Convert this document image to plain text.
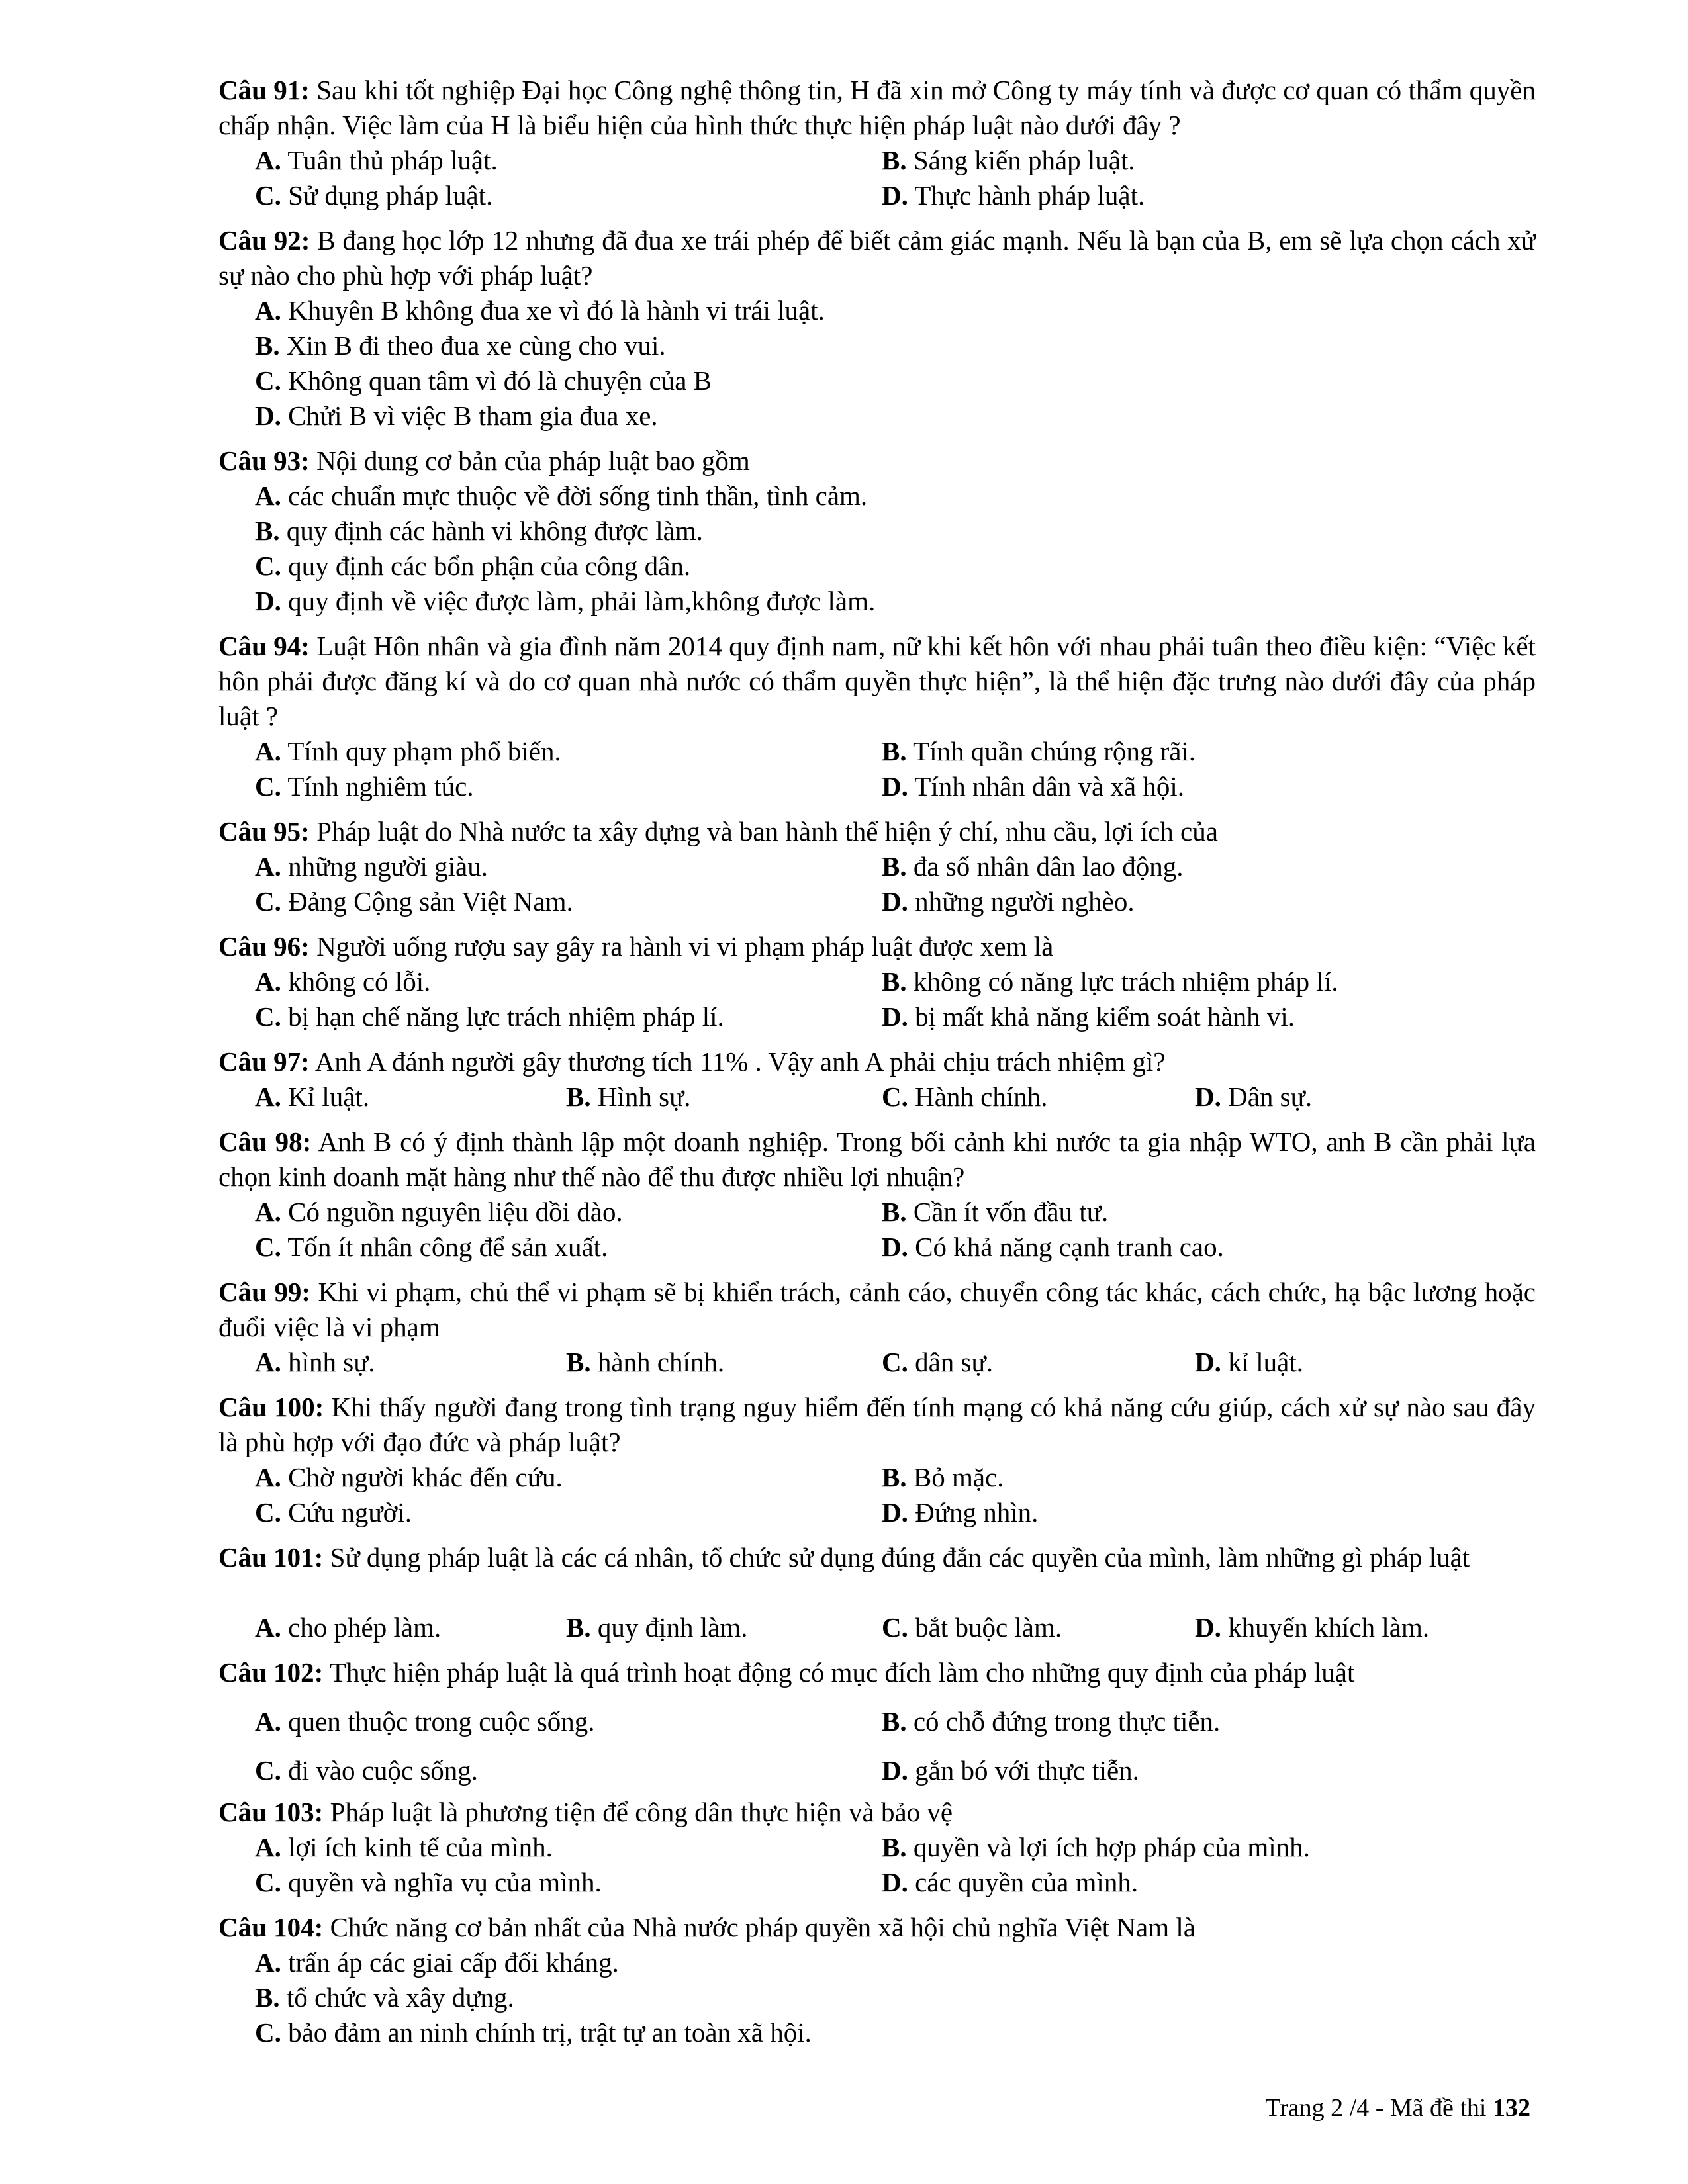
Câu 91: Sau khi tốt nghiệp Đại học Công nghệ thông tin, H đã xin mở Công ty máy tính và được cơ quan có thẩm quyền chấp nhận. Việc làm của H là biểu hiện của hình thức thực hiện pháp luật nào dưới đây ?
A. Tuân thủ pháp luật.	B. Sáng kiến pháp luật.
C. Sử dụng pháp luật.	D. Thực hành pháp luật.
Câu 92: B đang học lớp 12 nhưng đã đua xe trái phép để biết cảm giác mạnh. Nếu là bạn của B, em sẽ lựa chọn cách xử sự nào cho phù hợp với pháp luật?
A. Khuyên B không đua xe vì đó là hành vi trái luật.
B. Xin B đi theo đua xe cùng cho vui.
C. Không quan tâm vì đó là chuyện của B
D. Chửi B vì việc B tham gia đua xe.
Câu 93: Nội dung cơ bản của pháp luật bao gồm
A. các chuẩn mực thuộc về đời sống tinh thần, tình cảm.
B. quy định các hành vi không được làm.
C. quy định các bổn phận của công dân.
D. quy định về việc được làm, phải làm,không được làm.
Câu 94: Luật Hôn nhân và gia đình năm 2014 quy định nam, nữ khi kết hôn với nhau phải tuân theo điều kiện: “Việc kết hôn phải được đăng kí và do cơ quan nhà nước có thẩm quyền thực hiện”, là thể hiện đặc trưng nào dưới đây của pháp luật ?
A. Tính quy phạm phổ biến.	B. Tính quần chúng rộng rãi.
C. Tính nghiêm túc.	D. Tính nhân dân và xã hội.
Câu 95: Pháp luật do Nhà nước ta xây dựng và ban hành thể hiện ý chí, nhu cầu, lợi ích của
A. những người giàu.	B. đa số nhân dân lao động.
C. Đảng Cộng sản Việt Nam.	D. những người nghèo.
Câu 96: Người uống rượu say gây ra hành vi vi phạm pháp luật được xem là
A. không có lỗi.	B. không có năng lực trách nhiệm pháp lí.
C. bị hạn chế năng lực trách nhiệm pháp lí.	D. bị mất khả năng kiểm soát hành vi.
Câu 97: Anh A đánh người gây thương tích 11% . Vậy anh A phải chịu trách nhiệm gì?
A. Kỉ luật.	B. Hình sự.	C. Hành chính.	D. Dân sự.
Câu 98: Anh B có ý định thành lập một doanh nghiệp. Trong bối cảnh khi nước ta gia nhập WTO, anh B cần phải lựa chọn kinh doanh mặt hàng như thế nào để thu được nhiều lợi nhuận?
A. Có nguồn nguyên liệu dồi dào.	B. Cần ít vốn đầu tư.
C. Tốn ít nhân công để sản xuất.	D. Có khả năng cạnh tranh cao.
Câu 99: Khi vi phạm, chủ thể vi phạm sẽ bị khiển trách, cảnh cáo, chuyển công tác khác, cách chức, hạ bậc lương hoặc đuổi việc là vi phạm
A. hình sự.	B. hành chính.	C. dân sự.	D. kỉ luật.
Câu 100: Khi thấy người đang trong tình trạng nguy hiểm đến tính mạng có khả năng cứu giúp, cách xử sự nào sau đây là phù hợp với đạo đức và pháp luật?
A. Chờ người khác đến cứu.	B. Bỏ mặc.
C. Cứu người.	D. Đứng nhìn.
Câu 101: Sử dụng pháp luật là các cá nhân, tổ chức sử dụng đúng đắn các quyền của mình, làm những gì pháp luật
A. cho phép làm.	B. quy định làm.	C. bắt buộc làm.	D. khuyến khích làm.
Câu 102: Thực hiện pháp luật là quá trình hoạt động có mục đích làm cho những quy định của pháp luật
A. quen thuộc trong cuộc sống.	B. có chỗ đứng trong thực tiễn.
C. đi vào cuộc sống.	D. gắn bó với thực tiễn.
Câu 103: Pháp luật là phương tiện để công dân thực hiện và bảo vệ
A. lợi ích kinh tế của mình.	B. quyền và lợi ích hợp pháp của mình.
C. quyền và nghĩa vụ của mình.	D. các quyền của mình.
Câu 104: Chức năng cơ bản nhất của Nhà nước pháp quyền xã hội chủ nghĩa Việt Nam là
A. trấn áp các giai cấp đối kháng.
B. tổ chức và xây dựng.
C. bảo đảm an ninh chính trị, trật tự an toàn xã hội.
Trang 2 /4 - Mã đề thi 132
